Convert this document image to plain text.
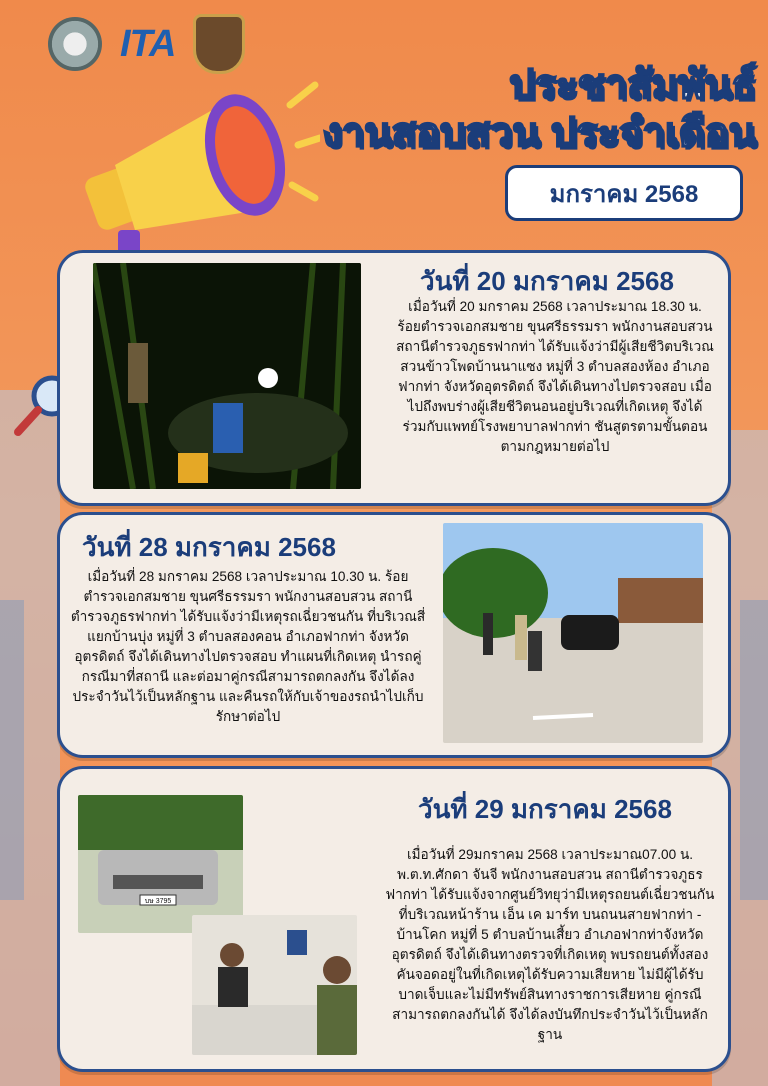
ITA
ประชาสัมพันธ์
งานสอบสวน ประจำเดือน
มกราคม 2568
วันที่ 20 มกราคม 2568
เมื่อวันที่ 20 มกราคม 2568 เวลาประมาณ 18.30 น. ร้อยตำรวจเอกสมชาย ขุนศรีธรรมรา พนักงานสอบสวน สถานีตำรวจภูธรฟากท่า ได้รับแจ้งว่ามีผู้เสียชีวิตบริเวณสวนข้าวโพดบ้านนาแซง หมู่ที่ 3 ตำบลสองห้อง อำเภอฟากท่า จังหวัดอุตรดิตถ์ จึงได้เดินทางไปตรวจสอบ เมื่อไปถึงพบร่างผู้เสียชีวิตนอนอยู่บริเวณที่เกิดเหตุ จึงได้ร่วมกับแพทย์โรงพยาบาลฟากท่า ชันสูตรตามขั้นตอนตามกฎหมายต่อไป
วันที่ 28 มกราคม 2568
เมื่อวันที่ 28 มกราคม 2568 เวลาประมาณ 10.30 น. ร้อยตำรวจเอกสมชาย ขุนศรีธรรมรา พนักงานสอบสวน สถานีตำรวจภูธรฟากท่า ได้รับแจ้งว่ามีเหตุรถเฉี่ยวชนกัน ที่บริเวณสี่แยกบ้านบุ่ง หมู่ที่ 3 ตำบลสองคอน อำเภอฟากท่า จังหวัดอุตรดิตถ์ จึงได้เดินทางไปตรวจสอบ ทำแผนที่เกิดเหตุ นำรถคู่กรณีมาที่สถานี และต่อมาคู่กรณีสามารถตกลงกัน จึงได้ลงประจำวันไว้เป็นหลักฐาน และคืนรถให้กับเจ้าของรถนำไปเก็บรักษาต่อไป
บษ 3795
วันที่ 29 มกราคม 2568
เมื่อวันที่ 29มกราคม 2568 เวลาประมาณ07.00 น. พ.ต.ท.ศักดา จันจี พนักงานสอบสวน สถานีตำรวจภูธรฟากท่า ได้รับแจ้งจากศูนย์วิทยุว่ามีเหตุรถยนต์เฉี่ยวชนกันที่บริเวณหน้าร้าน เอ็น เค มาร์ท บนถนนสายฟากท่า - บ้านโคก หมู่ที่ 5 ตำบลบ้านเสี้ยว อำเภอฟากท่าจังหวัดอุตรดิตถ์ จึงได้เดินทางตรวจที่เกิดเหตุ พบรถยนต์ทั้งสองคันจอดอยู่ในที่เกิดเหตุได้รับความเสียหาย ไม่มีผู้ได้รับบาดเจ็บและไม่มีทรัพย์สินทางราชการเสียหาย คู่กรณีสามารถตกลงกันได้ จึงได้ลงบันทึกประจำวันไว้เป็นหลักฐาน
